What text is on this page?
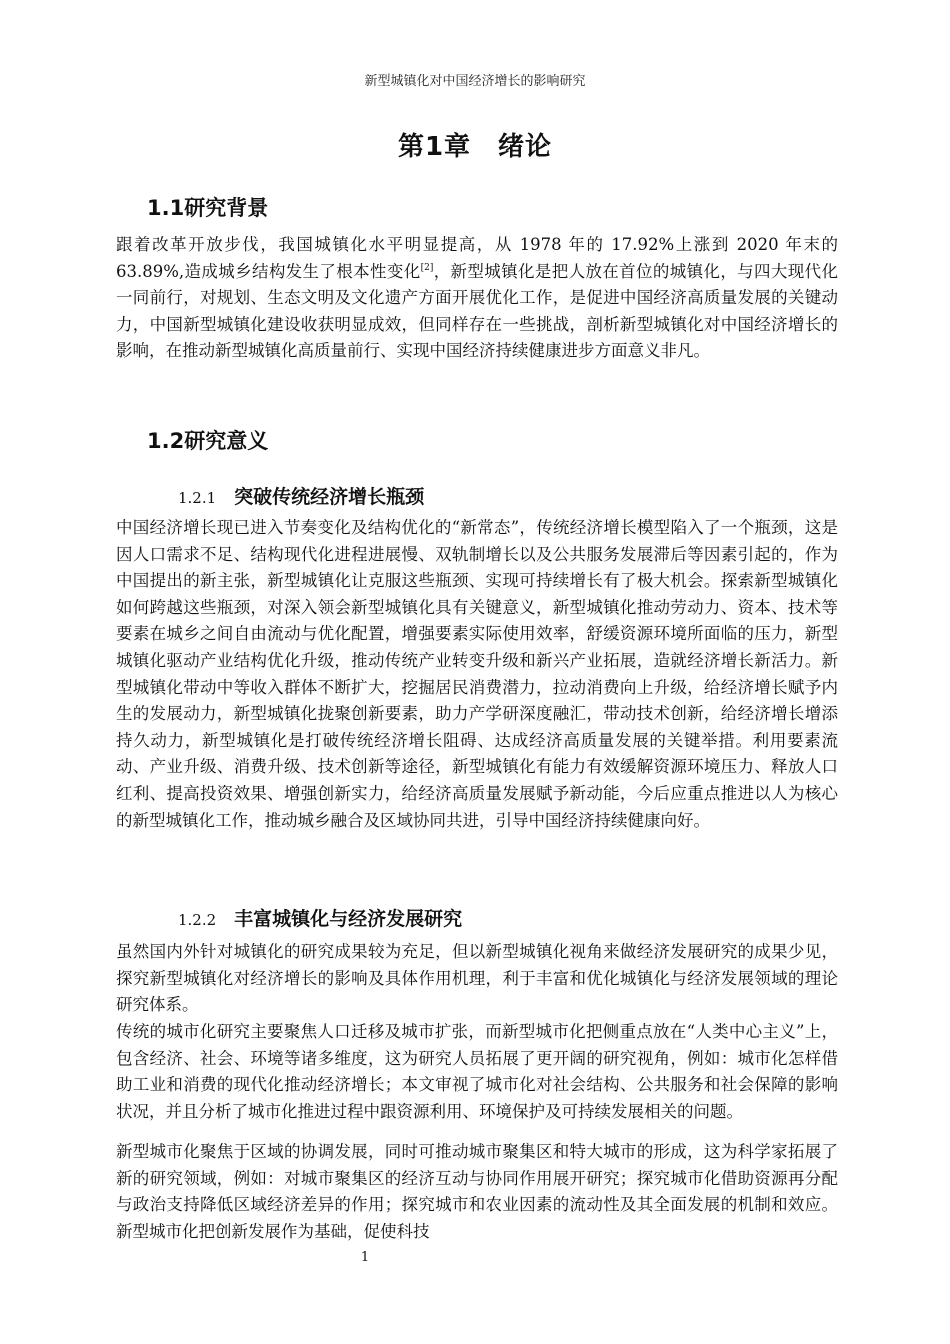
新型城镇化对中国经济增长的影响研究
第1章　绪论
1.1研究背景

跟着改革开放步伐，我国城镇化水平明显提高，从 1978 年的 17.92%上涨到 2020 年末的 63.89%,造成城乡结构发生了根本性变化[2]，新型城镇化是把人放在首位的城镇化，与四大现代化一同前行，对规划、生态文明及文化遗产方面开展优化工作，是促进中国经济高质量发展的关键动力，中国新型城镇化建设收获明显成效，但同样存在一些挑战，剖析新型城镇化对中国经济增长的影响，在推动新型城镇化高质量前行、实现中国经济持续健康进步方面意义非凡。

1.2研究意义
1.2.1 突破传统经济增长瓶颈

中国经济增长现已进入节奏变化及结构优化的“新常态”，传统经济增长模型陷入了一个瓶颈，这是因人口需求不足、结构现代化进程进展慢、双轨制增长以及公共服务发展滞后等因素引起的，作为中国提出的新主张，新型城镇化让克服这些瓶颈、实现可持续增长有了极大机会。探索新型城镇化如何跨越这些瓶颈，对深入领会新型城镇化具有关键意义，新型城镇化推动劳动力、资本、技术等要素在城乡之间自由流动与优化配置，增强要素实际使用效率，舒缓资源环境所面临的压力，新型城镇化驱动产业结构优化升级，推动传统产业转变升级和新兴产业拓展，造就经济增长新活力。新型城镇化带动中等收入群体不断扩大，挖掘居民消费潜力，拉动消费向上升级，给经济增长赋予内生的发展动力，新型城镇化拢聚创新要素，助力产学研深度融汇，带动技术创新，给经济增长增添持久动力，新型城镇化是打破传统经济增长阻碍、达成经济高质量发展的关键举措。利用要素流动、产业升级、消费升级、技术创新等途径，新型城镇化有能力有效缓解资源环境压力、释放人口红利、提高投资效果、增强创新实力，给经济高质量发展赋予新动能，今后应重点推进以人为核心的新型城镇化工作，推动城乡融合及区域协同共进，引导中国经济持续健康向好。

1.2.2 丰富城镇化与经济发展研究

虽然国内外针对城镇化的研究成果较为充足，但以新型城镇化视角来做经济发展研究的成果少见，探究新型城镇化对经济增长的影响及具体作用机理，利于丰富和优化城镇化与经济发展领域的理论研究体系。

传统的城市化研究主要聚焦人口迁移及城市扩张，而新型城市化把侧重点放在“人类中心主义”上，包含经济、社会、环境等诸多维度，这为研究人员拓展了更开阔的研究视角，例如：城市化怎样借助工业和消费的现代化推动经济增长；本文审视了城市化对社会结构、公共服务和社会保障的影响状况，并且分析了城市化推进过程中跟资源利用、环境保护及可持续发展相关的问题。

新型城市化聚焦于区域的协调发展，同时可推动城市聚集区和特大城市的形成，这为科学家拓展了新的研究领域，例如：对城市聚集区的经济互动与协同作用展开研究；探究城市化借助资源再分配与政治支持降低区域经济差异的作用；探究城市和农业因素的流动性及其全面发展的机制和效应。新型城市化把创新发展作为基础，促使科技

1
